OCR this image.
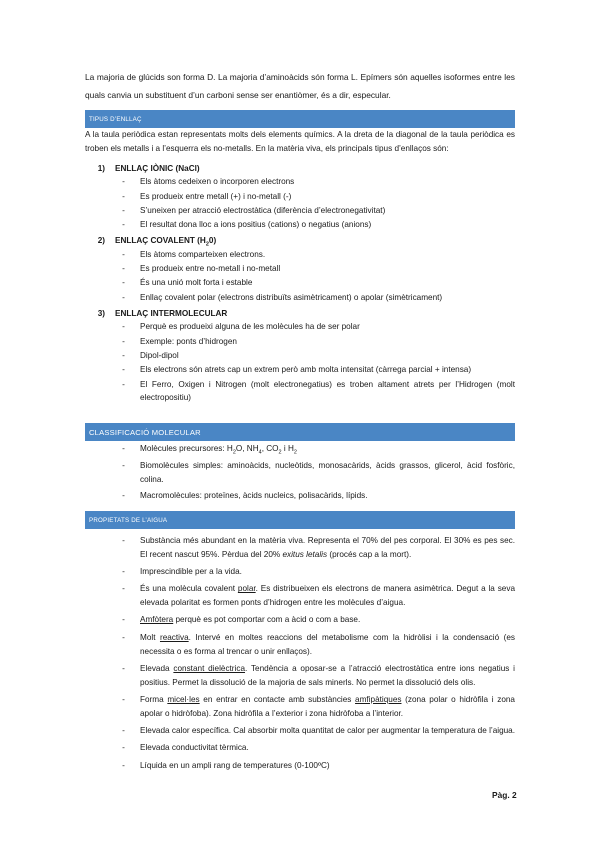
La majoria de glúcids son forma D. La majoria d’aminoàcids són forma L. Epímers són aquelles isoformes entre les quals canvia un substituent d’un carboni sense ser enantiòmer, és a dir, especular.

TIPUS D’ENLLAÇ

A la taula periòdica estan representats molts dels elements químics. A la dreta de la diagonal de la taula periòdica es troben els metalls i a l’esquerra els no-metalls. En la matèria viva, els principals tipus d’enllaços són:

1)	ENLLAÇ IÒNIC (NaCl)
-	Els àtoms cedeixen o incorporen electrons
-	Es produeix entre metall (+) i no-metall (-)
-	S’uneixen per atracció electrostàtica (diferència d’electronegativitat)
-	El resultat dona lloc a ions positius (cations) o negatius (anions)
2)	ENLLAÇ COVALENT $(H_20)$
-	Els àtoms comparteixen electrons.
-	Es produeix entre no-metall i no-metall
-	És una unió molt forta i estable
-	Enllaç covalent polar (electrons distribuïts asimètricament) o apolar (simètricament)
3)	ENLLAÇ INTERMOLECULAR
-	Perquè es produeixi alguna de les molècules ha de ser polar
-	Exemple: ponts d’hidrogen
-	Dipol-dipol
-	Els electrons són atrets cap un extrem però amb molta intensitat (càrrega parcial + intensa)
-	El Ferro, Oxigen i Nitrogen (molt electronegatius) es troben altament atrets per l’Hidrogen (molt electropositiu)
CLASSIFICACIÓ MOLECULAR
-	Molècules precursores: $H_2O$, $NH_4$, $CO_2$ i $H_2$
-	Biomolècules simples: aminoàcids, nucleòtids, monosacàrids, àcids grassos, glicerol, àcid fosfòric, colina.
-	Macromolècules: proteïnes, àcids nucleics, polisacàrids, lípids.
PROPIETATS DE L’AIGUA
-	Substància més abundant en la matèria viva. Representa el 70% del pes corporal. El 30% es pes sec. El recent nascut 95%. Pèrdua del 20% exitus letalis (procés cap a la mort).
-	Imprescindible per a la vida.
-	És una molècula covalent polar. Es distribueixen els electrons de manera asimètrica. Degut a la seva elevada polaritat es formen ponts d’hidrogen entre les molècules d’aigua.
-	Amfòtera perquè es pot comportar com a àcid o com a base.
-	Molt reactiva. Intervé en moltes reaccions del metabolisme com la hidròlisi i la condensació (es necessita o es forma al trencar o unir enllaços).
-	Elevada constant dielèctrica. Tendència a oposar-se a l’atracció electrostàtica entre ions negatius i positius. Permet la dissolució de la majoria de sals minerls. No permet la dissolució dels olis.
-	Forma micel·les en entrar en contacte amb substàncies amfipàtiques (zona polar o hidròfila i zona apolar o hidròfoba). Zona hidròfila a l’exterior i zona hidròfoba a l’interior.
-	Elevada calor específica. Cal absorbir molta quantitat de calor per augmentar la temperatura de l’aigua.
-	Elevada conductivitat tèrmica.
-	Líquida en un ampli rang de temperatures (0-100ºC)
Pàg. 2
